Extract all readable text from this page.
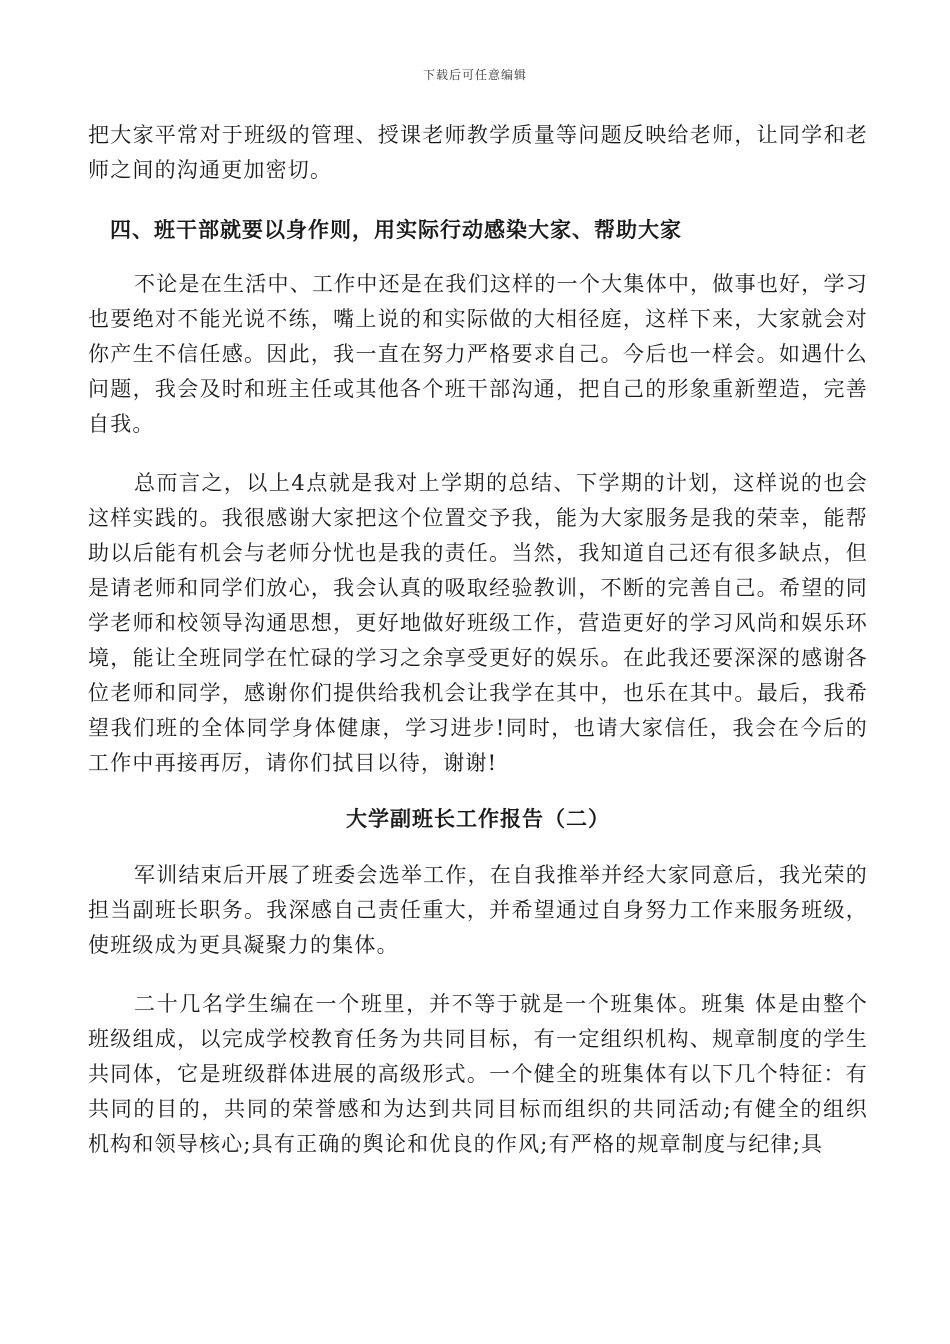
下载后可任意编辑

把大家平常对于班级的管理、授课老师教学质量等问题反映给老师，让同学和老师之间的沟通更加密切。

四、班干部就要以身作则，用实际行动感染大家、帮助大家

不论是在生活中、工作中还是在我们这样的一个大集体中，做事也好，学习也要绝对不能光说不练，嘴上说的和实际做的大相径庭，这样下来，大家就会对你产生不信任感。因此，我一直在努力严格要求自己。今后也一样会。如遇什么问题，我会及时和班主任或其他各个班干部沟通，把自己的形象重新塑造，完善自我。

总而言之，以上4点就是我对上学期的总结、下学期的计划，这样说的也会这样实践的。我很感谢大家把这个位置交予我，能为大家服务是我的荣幸，能帮助以后能有机会与老师分忧也是我的责任。当然，我知道自己还有很多缺点，但是请老师和同学们放心，我会认真的吸取经验教训，不断的完善自己。希望的同学老师和校领导沟通思想，更好地做好班级工作，营造更好的学习风尚和娱乐环境，能让全班同学在忙碌的学习之余享受更好的娱乐。在此我还要深深的感谢各位老师和同学，感谢你们提供给我机会让我学在其中，也乐在其中。最后，我希望我们班的全体同学身体健康，学习进步!同时，也请大家信任，我会在今后的工作中再接再厉，请你们拭目以待，谢谢!

大学副班长工作报告（二）

军训结束后开展了班委会选举工作，在自我推举并经大家同意后，我光荣的担当副班长职务。我深感自己责任重大，并希望通过自身努力工作来服务班级，使班级成为更具凝聚力的集体。

二十几名学生编在一个班里，并不等于就是一个班集体。班集 体是由整个班级组成，以完成学校教育任务为共同目标，有一定组织机构、规章制度的学生共同体，它是班级群体进展的高级形式。一个健全的班集体有以下几个特征：有共同的目的，共同的荣誉感和为达到共同目标而组织的共同活动;有健全的组织机构和领导核心;具有正确的舆论和优良的作风;有严格的规章制度与纪律;具
